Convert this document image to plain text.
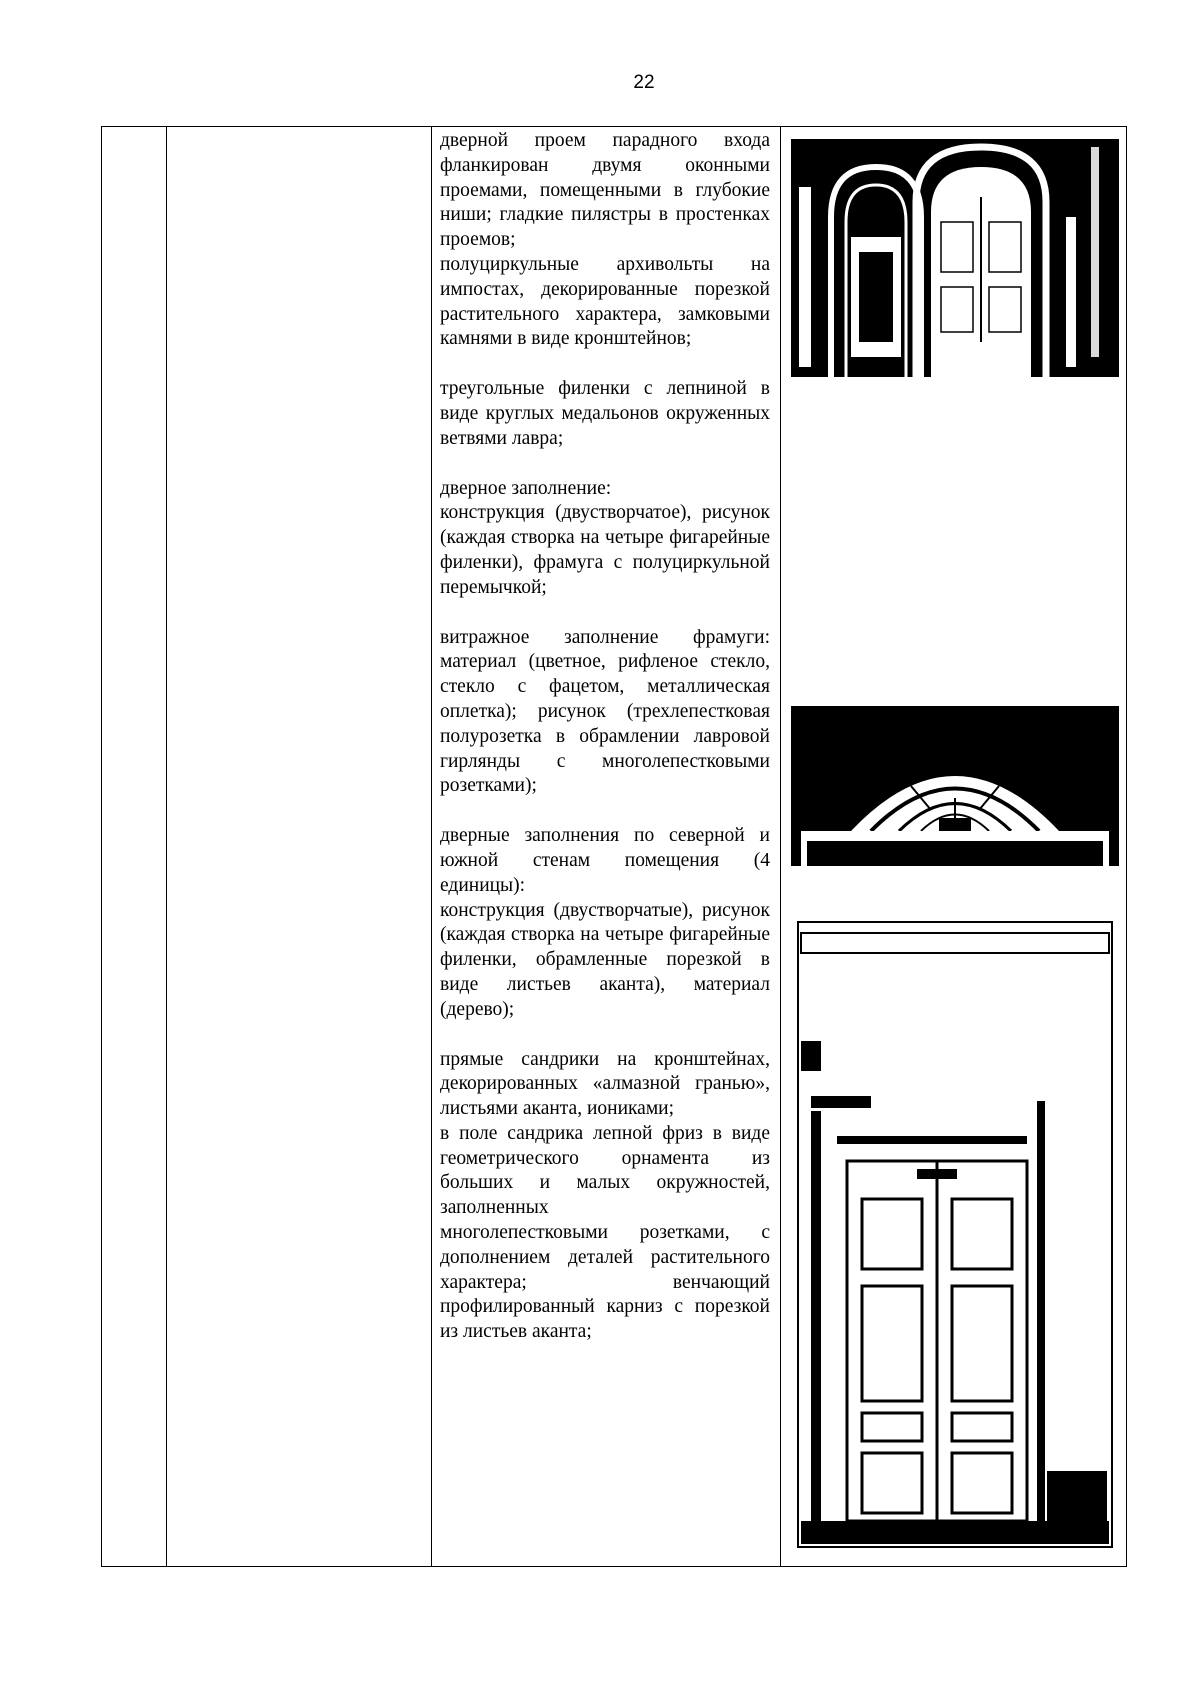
22

дверной проем парадного входа фланкирован двумя оконными проемами, помещенными в глубокие ниши; гладкие пилястры в простенках проемов;

полуциркульные архивольты на импостах, декорированные порезкой растительного характера, замковыми камнями в виде кронштейнов;

треугольные филенки с лепниной в виде круглых медальонов окруженных ветвями лавра;

дверное заполнение:

конструкция (двустворчатое), рисунок (каждая створка на четыре фигарейные филенки), фрамуга с полуциркульной перемычкой;

витражное заполнение фрамуги: материал (цветное, рифленое стекло, стекло с фацетом, металлическая оплетка); рисунок (трехлепестковая полурозетка в обрамлении лавровой гирлянды с многолепестковыми розетками);

дверные заполнения по северной и южной стенам помещения (4 единицы):

конструкция (двустворчатые), рисунок (каждая створка на четыре фигарейные филенки, обрамленные порезкой в виде листьев аканта), материал (дерево);

прямые сандрики на кронштейнах, декорированных «алмазной гранью», листьями аканта, иониками;

в поле сандрика лепной фриз в виде геометрического орнамента из больших и малых окружностей, заполненных

многолепестковыми розетками, с дополнением деталей растительного характера; венчающий профилированный карниз с порезкой из листьев аканта;
